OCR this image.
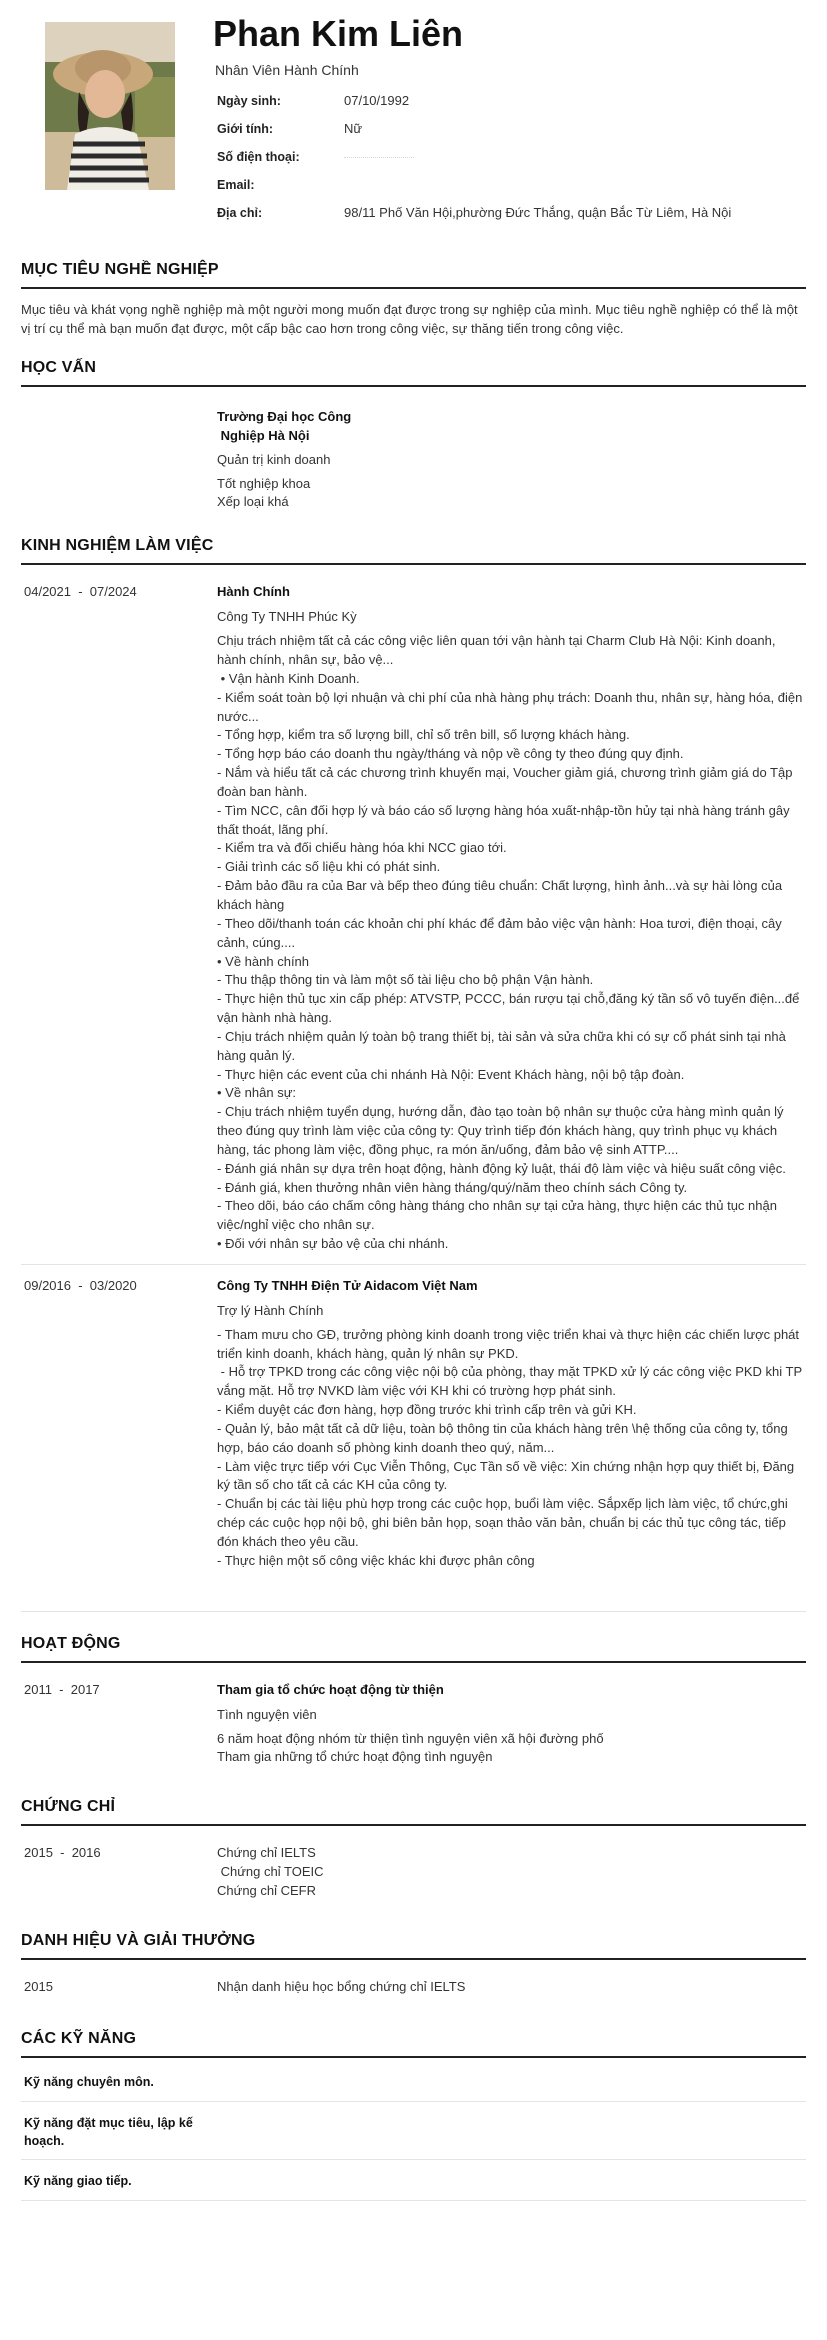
Phan Kim Liên
Nhân Viên Hành Chính
Ngày sinh:	07/10/1992
Giới tính:	Nữ
Số điện thoại:
Email:
Địa chỉ:	98/11 Phố Văn Hội,phường Đức Thắng, quận Bắc Từ Liêm, Hà Nội
MỤC TIÊU NGHỀ NGHIỆP
Mục tiêu và khát vọng nghề nghiệp mà một người mong muốn đạt được trong sự nghiệp của mình. Mục tiêu nghề nghiệp có thể là một vị trí cụ thể mà bạn muốn đạt được, một cấp bậc cao hơn trong công việc, sự thăng tiến trong công việc.
HỌC VẤN
Trường Đại học Công
Nghiệp Hà Nội
Quản trị kinh doanh
Tốt nghiệp khoa
Xếp loại khá
KINH NGHIỆM LÀM VIỆC
04/2021  -  07/2024	Hành Chính
Công Ty TNHH Phúc Kỳ
Chịu trách nhiệm tất cả các công việc liên quan tới vận hành tại Charm Club Hà Nội: Kinh doanh, hành chính, nhân sự, bảo vệ...
• Vận hành Kinh Doanh.
- Kiểm soát toàn bộ lợi nhuận và chi phí của nhà hàng phụ trách: Doanh thu, nhân sự, hàng hóa, điện nước...
- Tổng hợp, kiểm tra số lượng bill, chỉ số trên bill, số lượng khách hàng.
- Tổng hợp báo cáo doanh thu ngày/tháng và nộp về công ty theo đúng quy định.
- Nắm và hiểu tất cả các chương trình khuyến mại, Voucher giảm giá, chương trình giảm giá do Tập đoàn ban hành.
- Tìm NCC, cân đối hợp lý và báo cáo số lượng hàng hóa xuất-nhập-tồn hủy tại nhà hàng tránh gây thất thoát, lãng phí.
- Kiểm tra và đối chiếu hàng hóa khi NCC giao tới.
- Giải trình các số liệu khi có phát sinh.
- Đảm bảo đầu ra của Bar và bếp theo đúng tiêu chuẩn: Chất lượng, hình ảnh...và sự hài lòng của khách hàng
- Theo dõi/thanh toán các khoản chi phí khác để đảm bảo việc vận hành: Hoa tươi, điện thoại, cây cảnh, cúng....
• Về hành chính
- Thu thập thông tin và làm một số tài liệu cho bộ phận Vận hành.
- Thực hiện thủ tục xin cấp phép: ATVSTP, PCCC, bán rượu tại chỗ,đăng ký tần số vô tuyến điện...để vận hành nhà hàng.
- Chịu trách nhiệm quản lý toàn bộ trang thiết bị, tài sản và sửa chữa khi có sự cố phát sinh tại nhà hàng quản lý.
- Thực hiện các event của chi nhánh Hà Nội: Event Khách hàng, nội bộ tập đoàn.
• Về nhân sự:
- Chịu trách nhiệm tuyển dụng, hướng dẫn, đào tạo toàn bộ nhân sự thuộc cửa hàng mình quản lý theo đúng quy trình làm việc của công ty: Quy trình tiếp đón khách hàng, quy trình phục vụ khách hàng, tác phong làm việc, đồng phục, ra món ăn/uống, đảm bảo vệ sinh ATTP....
- Đánh giá nhân sự dựa trên hoạt động, hành động kỷ luật, thái độ làm việc và hiệu suất công việc.
- Đánh giá, khen thưởng nhân viên hàng tháng/quý/năm theo chính sách Công ty.
- Theo dõi, báo cáo chấm công hàng tháng cho nhân sự tại cửa hàng, thực hiện các thủ tục nhận việc/nghỉ việc cho nhân sự.
• Đối với nhân sự bảo vệ của chi nhánh.
09/2016  -  03/2020	Công Ty TNHH Điện Tử Aidacom Việt Nam
Trợ lý Hành Chính
- Tham mưu cho GĐ, trưởng phòng kinh doanh trong việc triển khai và thực hiện các chiến lược phát triển kinh doanh, khách hàng, quản lý nhân sự PKD.
- Hỗ trợ TPKD trong các công việc nội bộ của phòng, thay mặt TPKD xử lý các công việc PKD khi TP vắng mặt. Hỗ trợ NVKD làm việc với KH khi có trường hợp phát sinh.
- Kiểm duyệt các đơn hàng, hợp đồng trước khi trình cấp trên và gửi KH.
- Quản lý, bảo mật tất cả dữ liệu, toàn bộ thông tin của khách hàng trên \hệ thống của công ty, tổng hợp, báo cáo doanh số phòng kinh doanh theo quý, năm...
- Làm việc trực tiếp với Cục Viễn Thông, Cục Tần số về việc: Xin chứng nhận hợp quy thiết bị, Đăng ký tần số cho tất cả các KH của công ty.
- Chuẩn bị các tài liệu phù hợp trong các cuộc họp, buổi làm việc. Sắpxếp lịch làm việc, tổ chức,ghi chép các cuộc họp nội bộ, ghi biên bản họp, soạn thảo văn bản, chuẩn bị các thủ tục công tác, tiếp đón khách theo yêu cầu.
- Thực hiện một số công việc khác khi được phân công
HOẠT ĐỘNG
2011  -  2017	Tham gia tổ chức hoạt động từ thiện
Tình nguyện viên
6 năm hoạt động nhóm từ thiện tình nguyện viên xã hội đường phố
Tham gia những tổ chức hoạt động tình nguyện
CHỨNG CHỈ
2015  -  2016	Chứng chỉ IELTS
Chứng chỉ TOEIC
Chứng chỉ CEFR
DANH HIỆU VÀ GIẢI THƯỞNG
2015	Nhận danh hiệu học bổng chứng chỉ IELTS
CÁC KỸ NĂNG
Kỹ năng chuyên môn.
Kỹ năng đặt mục tiêu, lập kế
hoạch.
Kỹ năng giao tiếp.
